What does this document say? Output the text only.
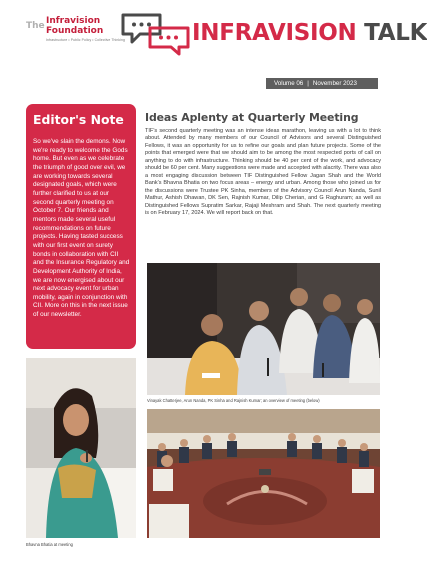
The Infravision
Foundation
Infrastructure • Public Policy • Collective Thinking	INFRAVISION TALK
Volume 06 | November 2023
Editor's Note
So we've slain the demons. Now we're ready to welcome the Gods home. But even as we celebrate the triumph of good over evil, we are working towards several designated goals, which were further clarified to us at our second quarterly meeting on October 7. Our friends and mentors made several useful recommendations on future projects. Having tasted success with our first event on surety bonds in collaboration with CII and the Insurance Regulatory and Development Authority of India, we are now energised about our next advocacy event for urban mobility, again in conjunction with CII. More on this in the next issue of our newsletter.
Ideas Aplenty at Quarterly Meeting
TIF's second quarterly meeting was an intense ideas marathon, leaving us with a lot to think about. Attended by many members of our Council of Advisors and several Distinguished Fellows, it was an opportunity for us to refine our goals and plan future projects. Some of the points that emerged were that we should aim to be among the most respected ports of call on anything to do with infrastructure. Thinking should be 40 per cent of the work, and advocacy should be 60 per cent. Many suggestions were made and accepted with alacrity. There was also a most engaging discussion between TIF Distinguished Fellow Jagan Shah and the World Bank's Bhavna Bhatia on two focus areas – energy and urban. Among those who joined us for the discussions were Trustee PK Sinha, members of the Advisory Council Arun Nanda, Sunil Mathur, Ashish Dhawan, DK Sen, Rajnish Kumar, Dilip Cherian, and G Raghuram; as well as Distinguished Fellows Supratim Sarkar, Rajaji Meshram and Shah. The next quarterly meeting is on February 17, 2024. We will report back on that.
Vinayak Chatterjee, Arun Nanda, PK Sinha and Rajnish Kumar; an overview of meeting (below)
Bhavna Bhatia at meeting
